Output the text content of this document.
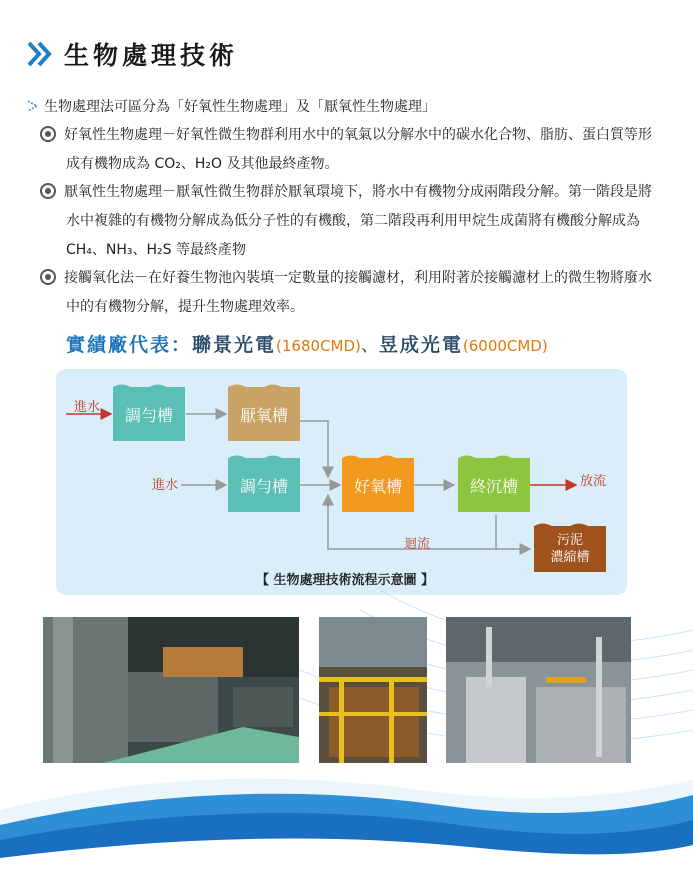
生物處理技術
生物處理法可區分為「好氧性生物處理」及「厭氧性生物處理」
好氧性生物處理－好氧性微生物群利用水中的氧氣以分解水中的碳水化合物、脂肪、蛋白質等形
成有機物成為 CO₂、H₂O 及其他最終產物。
厭氧性生物處理－厭氧性微生物群於厭氧環境下，將水中有機物分成兩階段分解。第一階段是將
水中複雜的有機物分解成為低分子性的有機酸，第二階段再利用甲烷生成菌將有機酸分解成為
CH₄、NH₃、H₂S 等最終產物
接觸氧化法－在好養生物池內裝填一定數量的接觸濾材，利用附著於接觸濾材上的微生物將廢水
中的有機物分解，提升生物處理效率。
實績廠代表： 聯景光電 (1680CMD) 、 昱成光電 (6000CMD)
進水
進水	放流
迴流
調勻槽	厭氧槽
調勻槽	好氧槽	終沉槽
污泥
濃縮槽
【 生物處理技術流程示意圖 】
